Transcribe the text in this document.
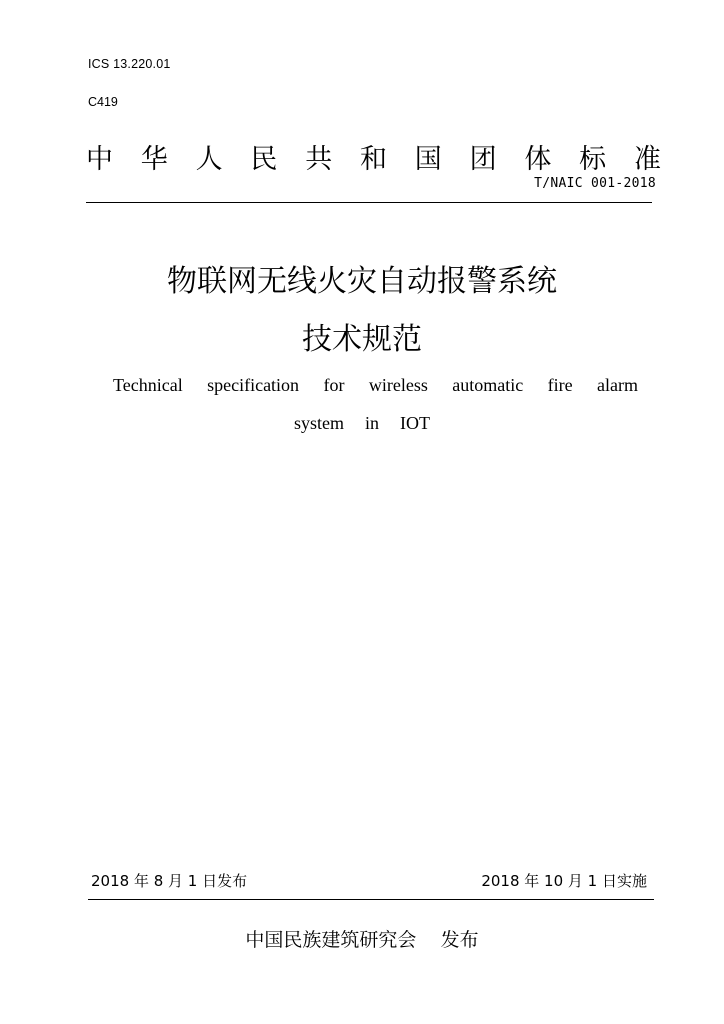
ICS 13.220.01
C419
中 华 人 民 共 和 国 团 体 标 准
T/NAIC 001-2018
物联网无线火灾自动报警系统
技术规范
Technical specification for wireless automatic fire alarm
system in IOT
2018 年 8 月 1 日发布	2018 年 10 月 1 日实施
中国民族建筑研究会    发布
